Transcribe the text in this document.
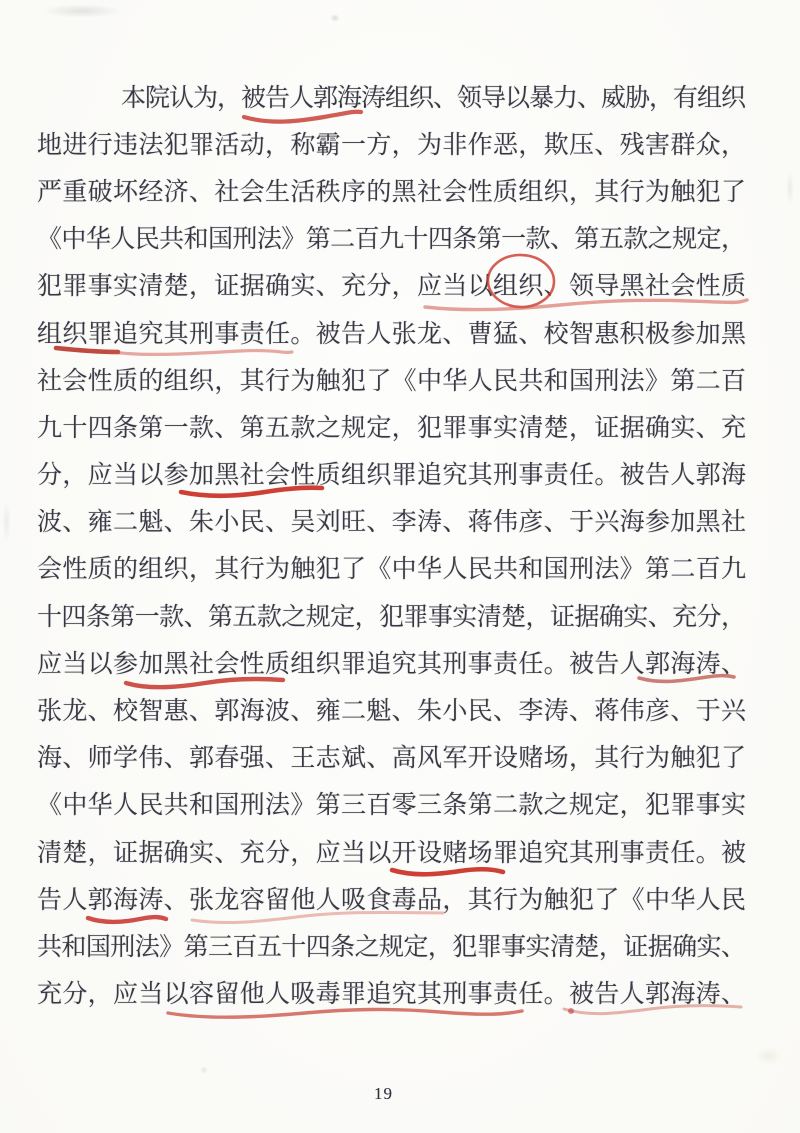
本院认为，被告人郭海涛组织、领导以暴力、威胁，有组织
地进行违法犯罪活动，称霸一方，为非作恶，欺压、残害群众，
严重破坏经济、社会生活秩序的黑社会性质组织，其行为触犯了
《中华人民共和国刑法》第二百九十四条第一款、第五款之规定，
犯罪事实清楚，证据确实、充分，应当以组织、领导黑社会性质
组织罪追究其刑事责任。被告人张龙、曹猛、校智惠积极参加黑
社会性质的组织，其行为触犯了《中华人民共和国刑法》第二百
九十四条第一款、第五款之规定，犯罪事实清楚，证据确实、充
分，应当以参加黑社会性质组织罪追究其刑事责任。被告人郭海
波、雍二魁、朱小民、吴刘旺、李涛、蒋伟彦、于兴海参加黑社
会性质的组织，其行为触犯了《中华人民共和国刑法》第二百九
十四条第一款、第五款之规定，犯罪事实清楚，证据确实、充分，
应当以参加黑社会性质组织罪追究其刑事责任。被告人郭海涛、
张龙、校智惠、郭海波、雍二魁、朱小民、李涛、蒋伟彦、于兴
海、师学伟、郭春强、王志斌、高风军开设赌场，其行为触犯了
《中华人民共和国刑法》第三百零三条第二款之规定，犯罪事实
清楚，证据确实、充分，应当以开设赌场罪追究其刑事责任。被
告人郭海涛、张龙容留他人吸食毒品，其行为触犯了《中华人民
共和国刑法》第三百五十四条之规定，犯罪事实清楚，证据确实、
充分，应当以容留他人吸毒罪追究其刑事责任。被告人郭海涛、
19
